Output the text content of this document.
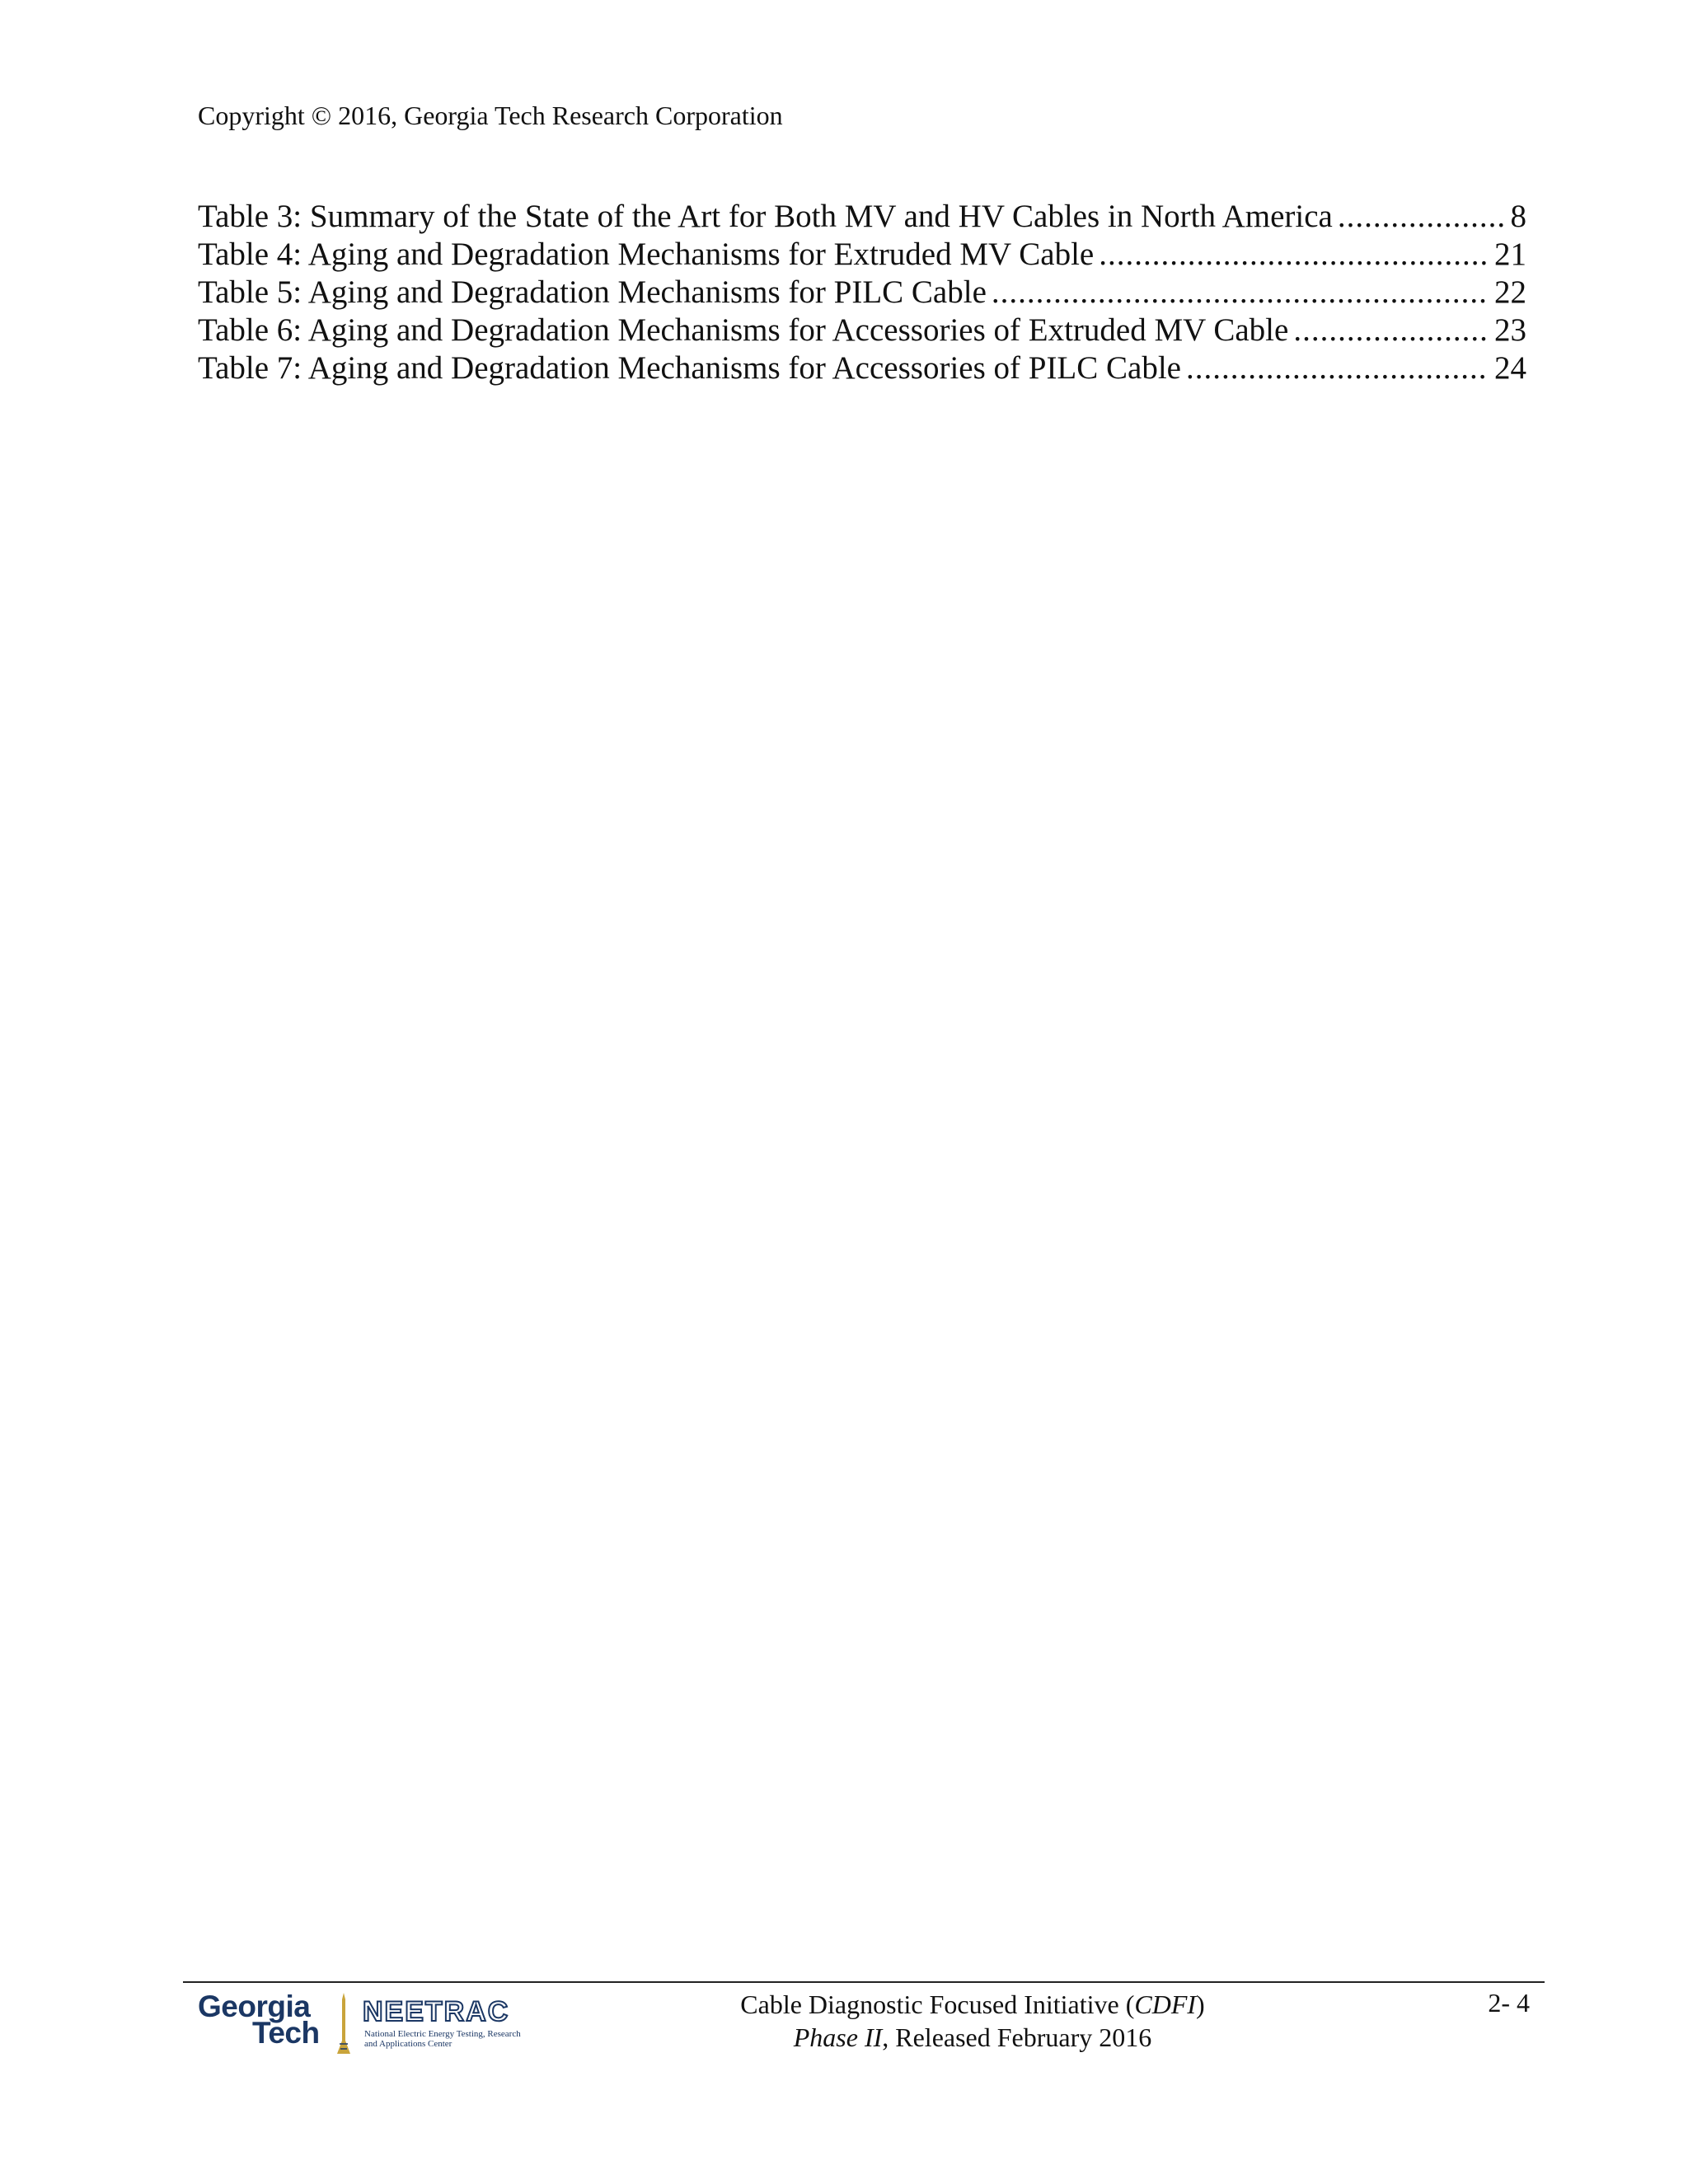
Copyright © 2016, Georgia Tech Research Corporation
Table 3: Summary of the State of the Art for Both MV and HV Cables in North America .....	8
Table 4: Aging and Degradation Mechanisms for Extruded MV Cable .....	21
Table 5: Aging and Degradation Mechanisms for PILC Cable .....	22
Table 6: Aging and Degradation Mechanisms for Accessories of Extruded MV Cable .....	23
Table 7: Aging and Degradation Mechanisms for Accessories of PILC Cable .....	24
Georgia
Tech
NEETRAC
National Electric Energy Testing, Research
and Applications Center
Cable Diagnostic Focused Initiative (CDFI)
Phase II, Released February 2016
2- 4
